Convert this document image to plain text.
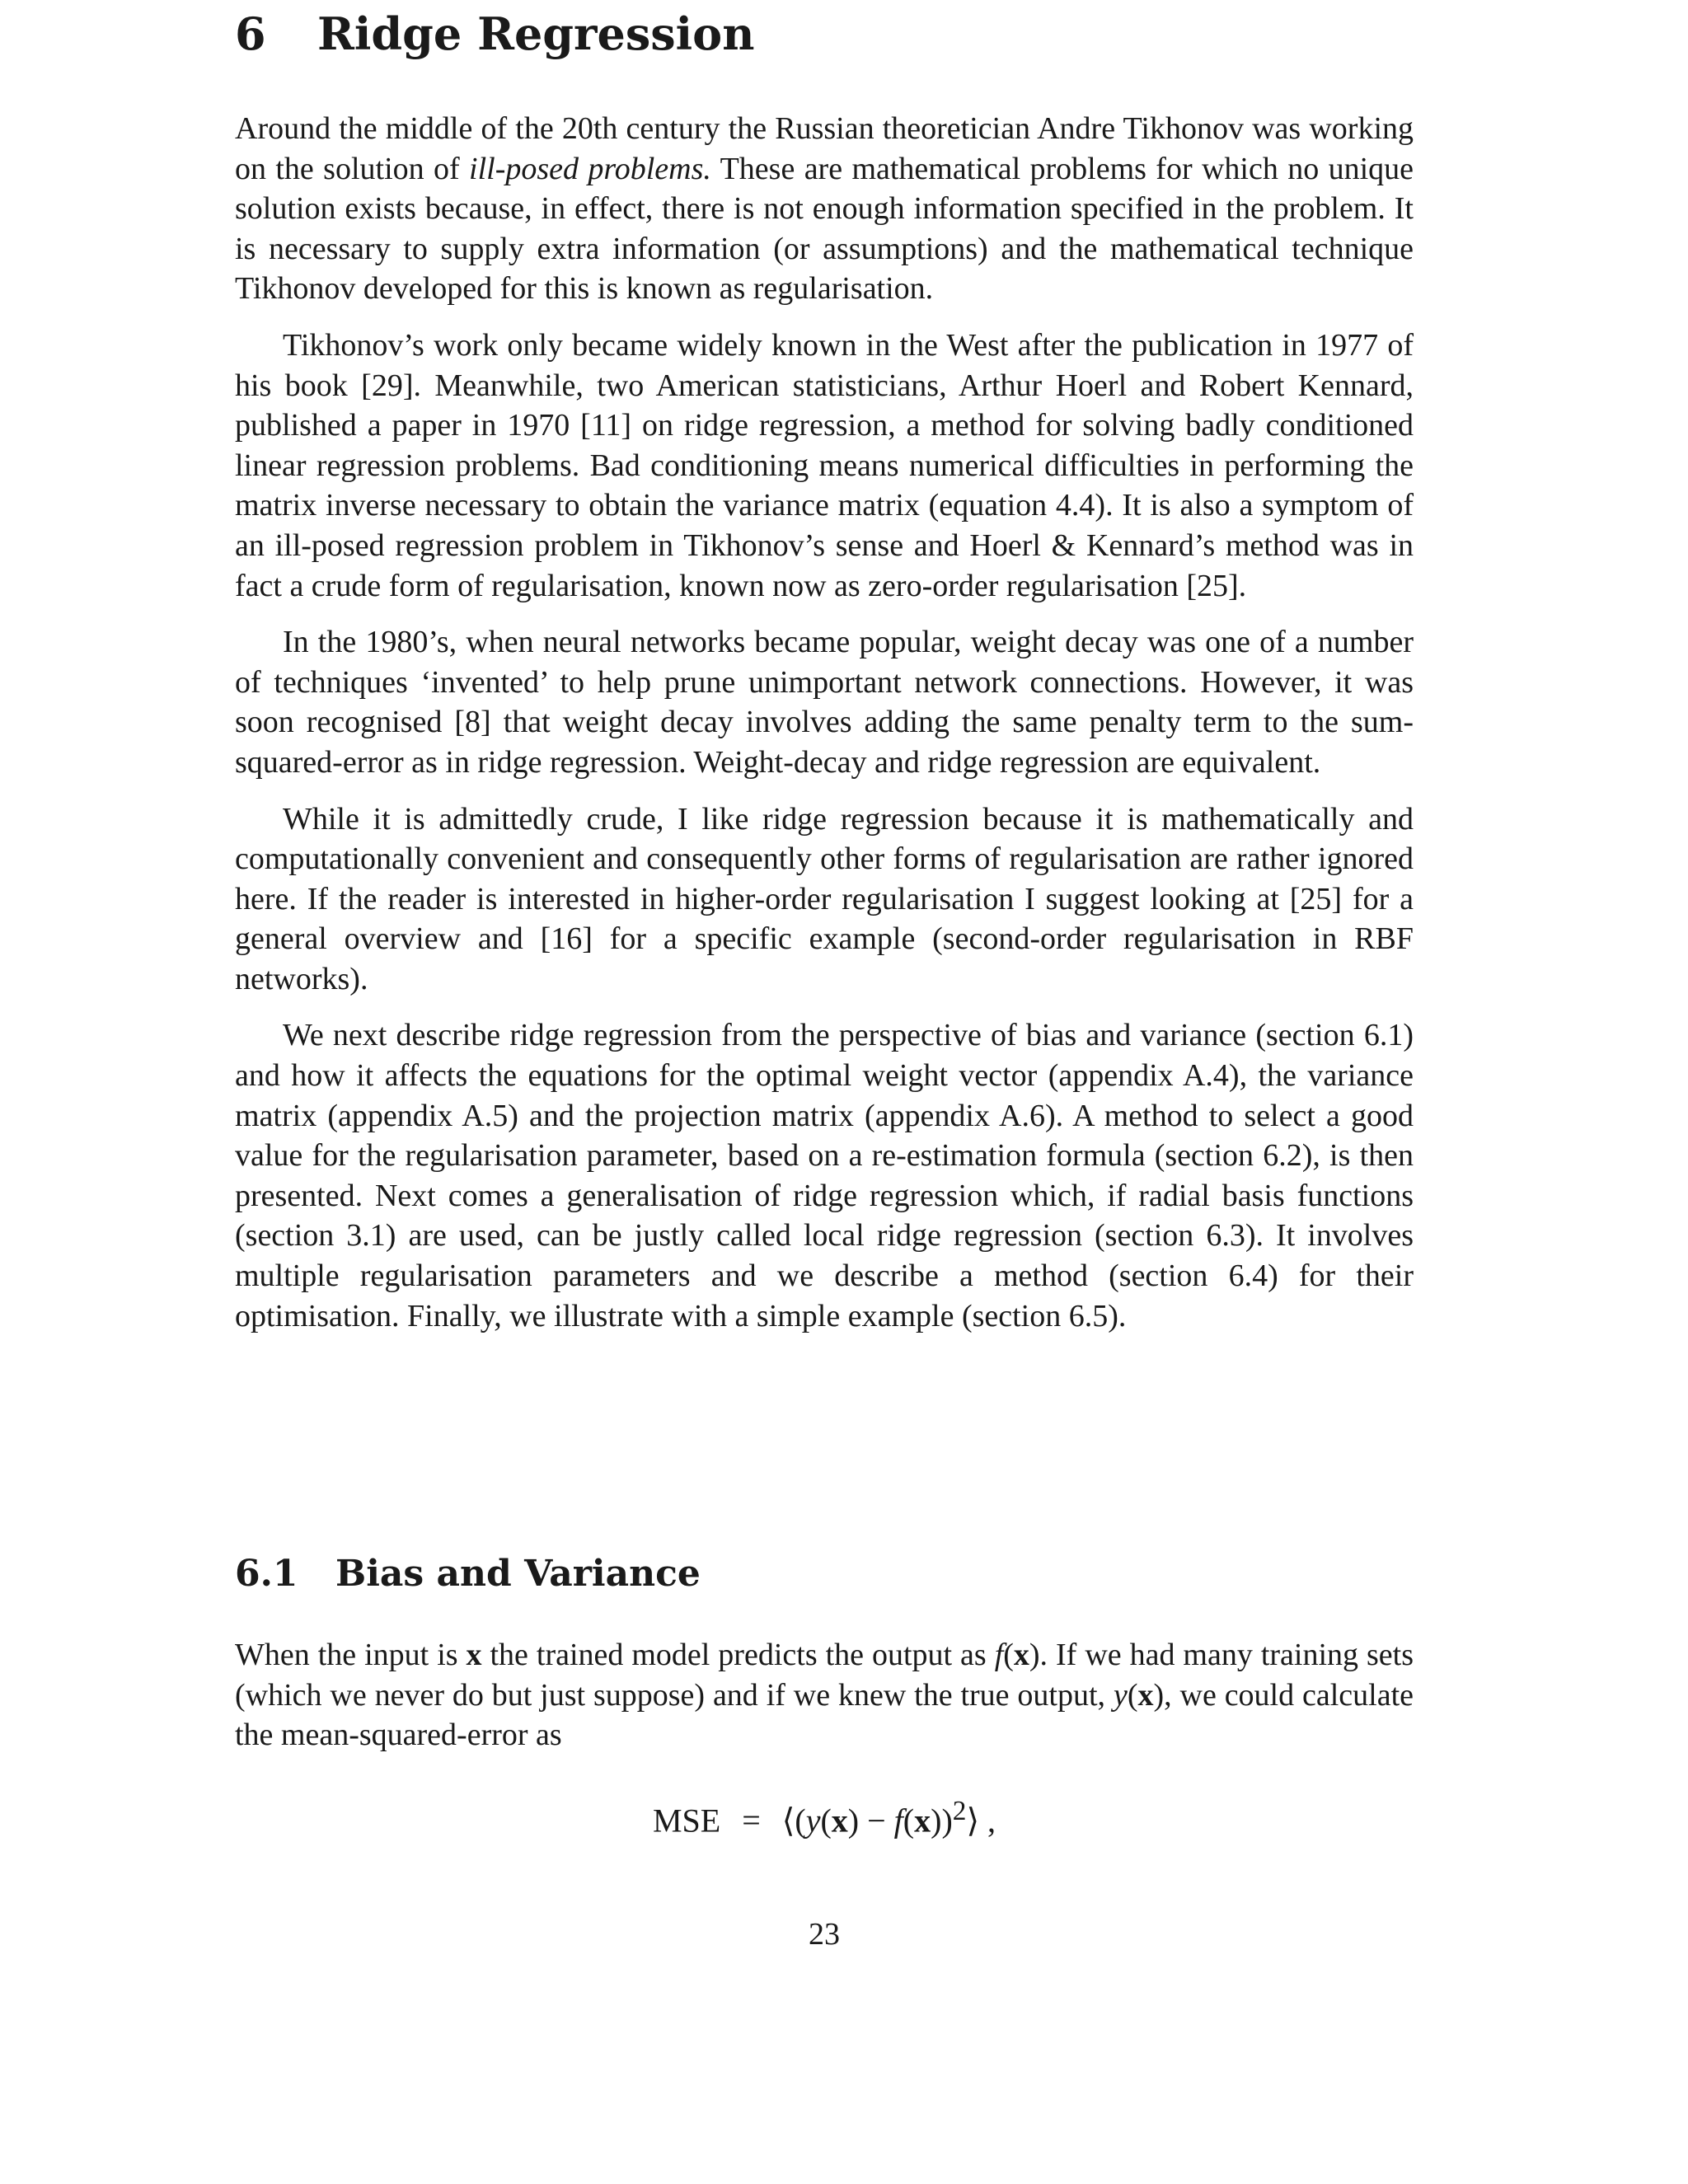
6 Ridge Regression

Around the middle of the 20th century the Russian theoretician Andre Tikhonov was working on the solution of ill-posed problems. These are mathematical problems for which no unique solution exists because, in effect, there is not enough information specified in the problem. It is necessary to supply extra information (or assumptions) and the mathematical technique Tikhonov developed for this is known as regularisation.

Tikhonov’s work only became widely known in the West after the publication in 1977 of his book [29]. Meanwhile, two American statisticians, Arthur Hoerl and Robert Kennard, published a paper in 1970 [11] on ridge regression, a method for solving badly conditioned linear regression problems. Bad conditioning means numerical difficulties in performing the matrix inverse necessary to obtain the variance matrix (equation 4.4). It is also a symptom of an ill-posed regression problem in Tikhonov’s sense and Hoerl & Kennard’s method was in fact a crude form of regularisation, known now as zero-order regularisation [25].

In the 1980’s, when neural networks became popular, weight decay was one of a number of techniques ‘invented’ to help prune unimportant network connections. However, it was soon recognised [8] that weight decay involves adding the same penalty term to the sum-squared-error as in ridge regression. Weight-decay and ridge regression are equivalent.

While it is admittedly crude, I like ridge regression because it is mathematically and computationally convenient and consequently other forms of regularisation are rather ignored here. If the reader is interested in higher-order regularisation I suggest looking at [25] for a general overview and [16] for a specific example (second-order regularisation in RBF networks).

We next describe ridge regression from the perspective of bias and variance (section 6.1) and how it affects the equations for the optimal weight vector (appendix A.4), the variance matrix (appendix A.5) and the projection matrix (appendix A.6). A method to select a good value for the regularisation parameter, based on a re-estimation formula (section 6.2), is then presented. Next comes a generalisation of ridge regression which, if radial basis functions (section 3.1) are used, can be justly called local ridge regression (section 6.3). It involves multiple regularisation parameters and we describe a method (section 6.4) for their optimisation. Finally, we illustrate with a simple example (section 6.5).

6.1 Bias and Variance

When the input is x the trained model predicts the output as f(x). If we had many training sets (which we never do but just suppose) and if we knew the true output, y(x), we could calculate the mean-squared-error as

MSE = ⟨(y(x) − f(x))$^2$⟩ ,
23
